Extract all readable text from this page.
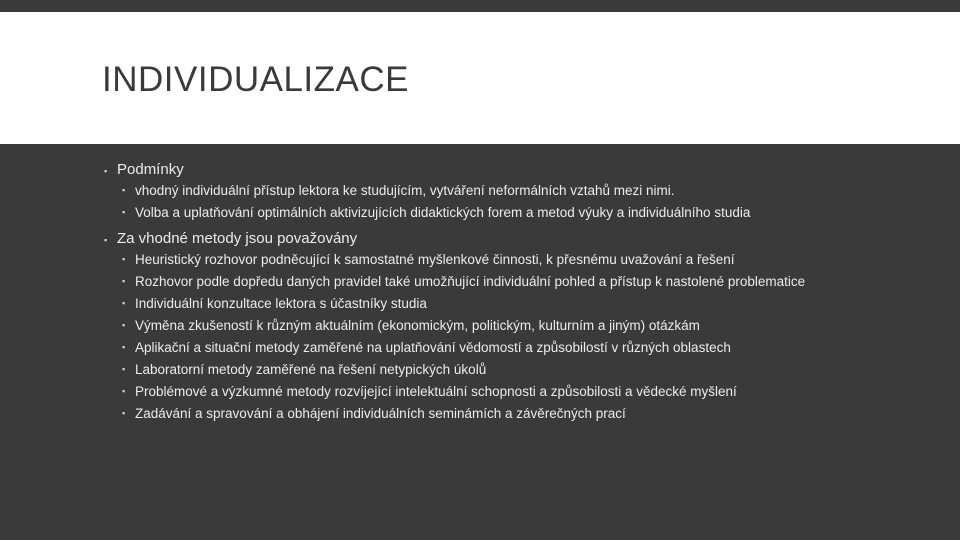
INDIVIDUALIZACE
▪ Podmínky
▪ vhodný individuální přístup lektora ke studujícím, vytváření neformálních vztahů mezi nimi.
▪ Volba a uplatňování optimálních aktivizujících didaktických forem a metod výuky a individuálního studia
▪ Za vhodné metody jsou považovány
▪ Heuristický rozhovor podněcující k samostatné myšlenkové činnosti, k přesnému uvažování a řešení
▪ Rozhovor podle dopředu daných pravidel také umožňující individuální pohled a přístup k nastolené problematice
▪ Individuální konzultace lektora s účastníky studia
▪ Výměna zkušeností k různým aktuálním (ekonomickým, politickým, kulturním a jiným) otázkám
▪ Aplikační a situační metody zaměřené na uplatňování vědomostí a způsobilostí v různých oblastech
▪ Laboratorní metody zaměřené na řešení netypických úkolů
▪ Problémové a výzkumné metody rozvíjející intelektuální schopnosti a způsobilosti a vědecké myšlení
▪ Zadávání a spravování a obhájení individuálních seminámích a závěrečných prací
